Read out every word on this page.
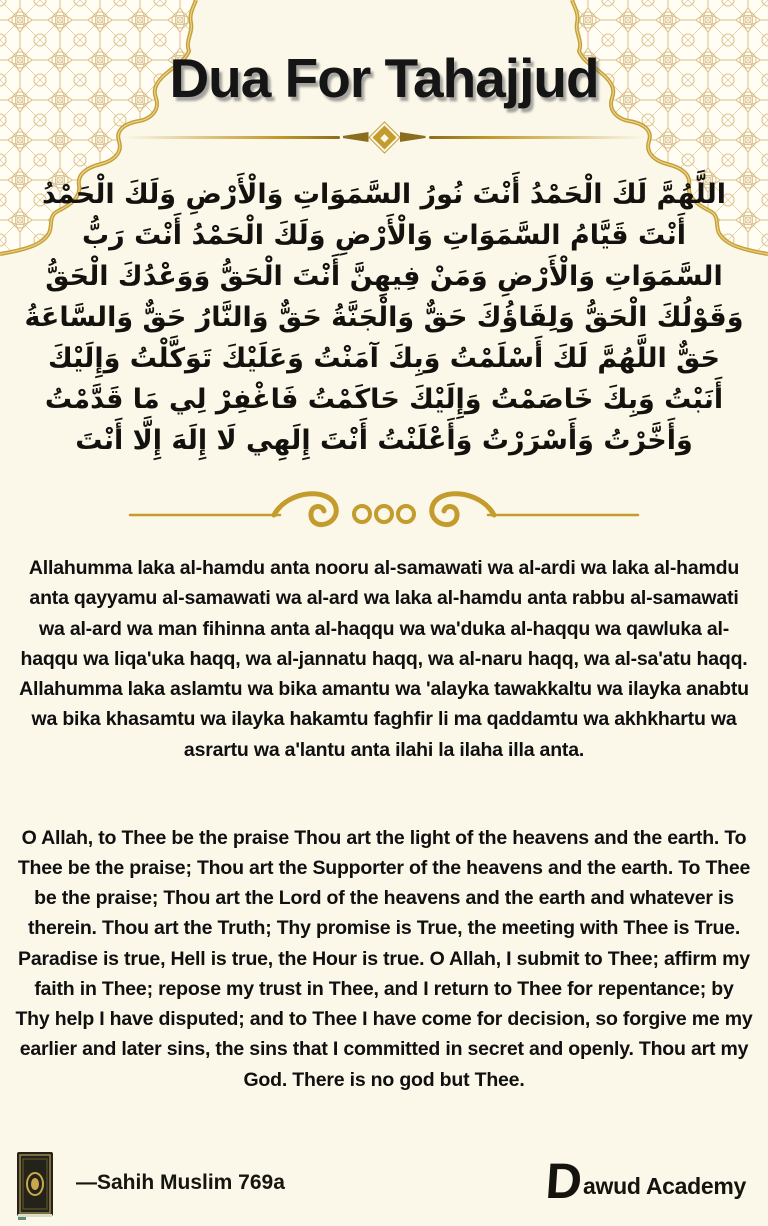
Dua For Tahajjud
اللَّهُمَّ لَكَ الْحَمْدُ أَنْتَ نُورُ السَّمَوَاتِ وَالْأَرْضِ وَلَكَ الْحَمْدُ أَنْتَ قَيَّامُ السَّمَوَاتِ وَالْأَرْضِ وَلَكَ الْحَمْدُ أَنْتَ رَبُّ السَّمَوَاتِ وَالْأَرْضِ وَمَنْ فِيهِنَّ أَنْتَ الْحَقُّ وَوَعْدُكَ الْحَقُّ وَقَوْلُكَ الْحَقُّ وَلِقَاؤُكَ حَقٌّ وَالْجَنَّةُ حَقٌّ وَالنَّارُ حَقٌّ وَالسَّاعَةُ حَقٌّ اللَّهُمَّ لَكَ أَسْلَمْتُ وَبِكَ آمَنْتُ وَعَلَيْكَ تَوَكَّلْتُ وَإِلَيْكَ أَنَبْتُ وَبِكَ خَاصَمْتُ وَإِلَيْكَ حَاكَمْتُ فَاغْفِرْ لِي مَا قَدَّمْتُ وَأَخَّرْتُ وَأَسْرَرْتُ وَأَعْلَنْتُ أَنْتَ إِلَهِي لَا إِلَهَ إِلَّا أَنْتَ

Allahumma laka al-hamdu anta nooru al-samawati wa al-ardi wa laka al-hamdu anta qayyamu al-samawati wa al-ard wa laka al-hamdu anta rabbu al-samawati wa al-ard wa man fihinna anta al-haqqu wa wa'duka al-haqqu wa qawluka al-haqqu wa liqa'uka haqq, wa al-jannatu haqq, wa al-naru haqq, wa al-sa'atu haqq. Allahumma laka aslamtu wa bika amantu wa 'alayka tawakkaltu wa ilayka anabtu wa bika khasamtu wa ilayka hakamtu faghfir li ma qaddamtu wa akhkhartu wa asrartu wa a'lantu anta ilahi la ilaha illa anta.

O Allah, to Thee be the praise Thou art the light of the heavens and the earth. To Thee be the praise; Thou art the Supporter of the heavens and the earth. To Thee be the praise; Thou art the Lord of the heavens and the earth and whatever is therein. Thou art the Truth; Thy promise is True, the meeting with Thee is True. Paradise is true, Hell is true, the Hour is true. O Allah, I submit to Thee; affirm my faith in Thee; repose my trust in Thee, and I return to Thee for repentance; by Thy help I have disputed; and to Thee I have come for decision, so forgive me my earlier and later sins, the sins that I committed in secret and openly. Thou art my God. There is no god but Thee.

—Sahih Muslim 769a	D awud Academy
